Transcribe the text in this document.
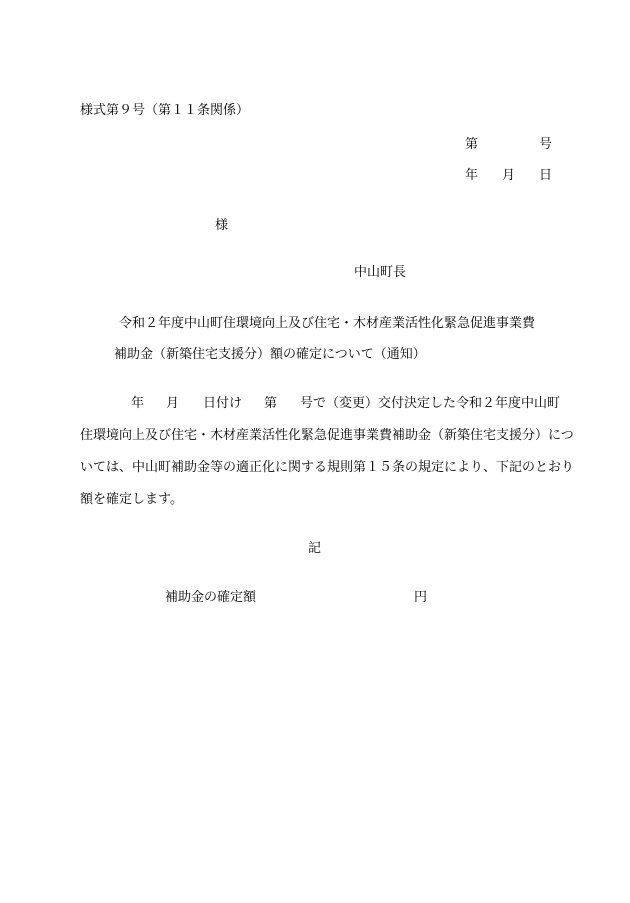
様式第９号（第１１条関係）
第	号
年 月 日
様
中山町長
令和２年度中山町住環境向上及び住宅・木材産業活性化緊急促進事業費
補助金（新築住宅支援分）額の確定について（通知）
年 月 日付け 第 号で（変更）交付決定した令和２年度中山町
住環境向上及び住宅・木材産業活性化緊急促進事業費補助金（新築住宅支援分）につ
いては、中山町補助金等の適正化に関する規則第１５条の規定により、下記のとおり
額を確定します。
記
補助金の確定額	円
